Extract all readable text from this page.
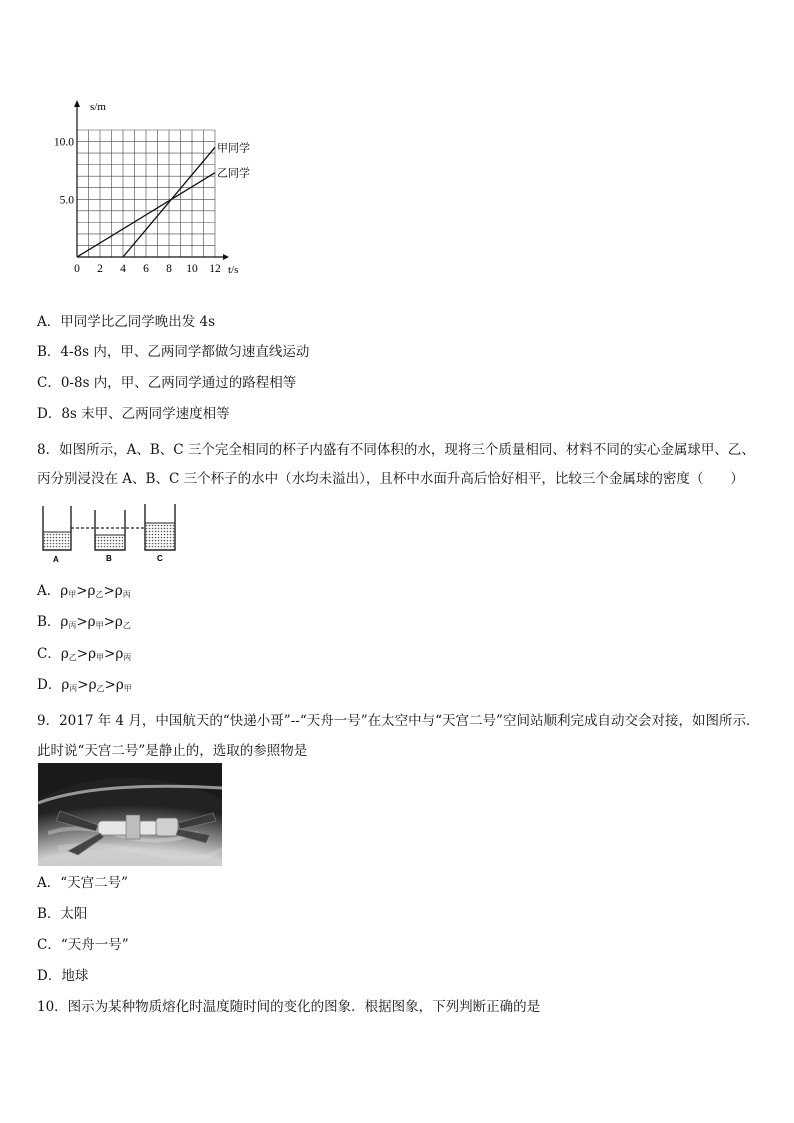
0 2 4 6 8 10 12
5.0
10.0	甲同学
乙同学
s/m
t/s
A．甲同学比乙同学晚出发 4s
B．4-8s 内，甲、乙两同学都做匀速直线运动
C．0-8s 内，甲、乙两同学通过的路程相等
D．8s 末甲、乙两同学速度相等
8．如图所示，A、B、C 三个完全相同的杯子内盛有不同体积的水，现将三个质量相同、材料不同的实心金属球甲、乙、丙分别浸没在 A、B、C 三个杯子的水中（水均未溢出），且杯中水面升高后恰好相平，比较三个金属球的密度（　　）
A	B	C
A．$\rho_甲>\rho_乙>\rho_丙$
B．$\rho_丙>\rho_甲>\rho_乙$
C．$\rho_乙>\rho_甲>\rho_丙$
D．$\rho_丙>\rho_乙>\rho_甲$
9．2017 年 4 月，中国航天的“快递小哥”--“天舟一号”在太空中与“天宫二号”空间站顺利完成自动交会对接，如图所示．此时说“天宫二号”是静止的，选取的参照物是
A．“天宫二号”
B．太阳
C．“天舟一号”
D．地球
10．图示为某种物质熔化时温度随时间的变化的图象．根据图象，下列判断正确的是
